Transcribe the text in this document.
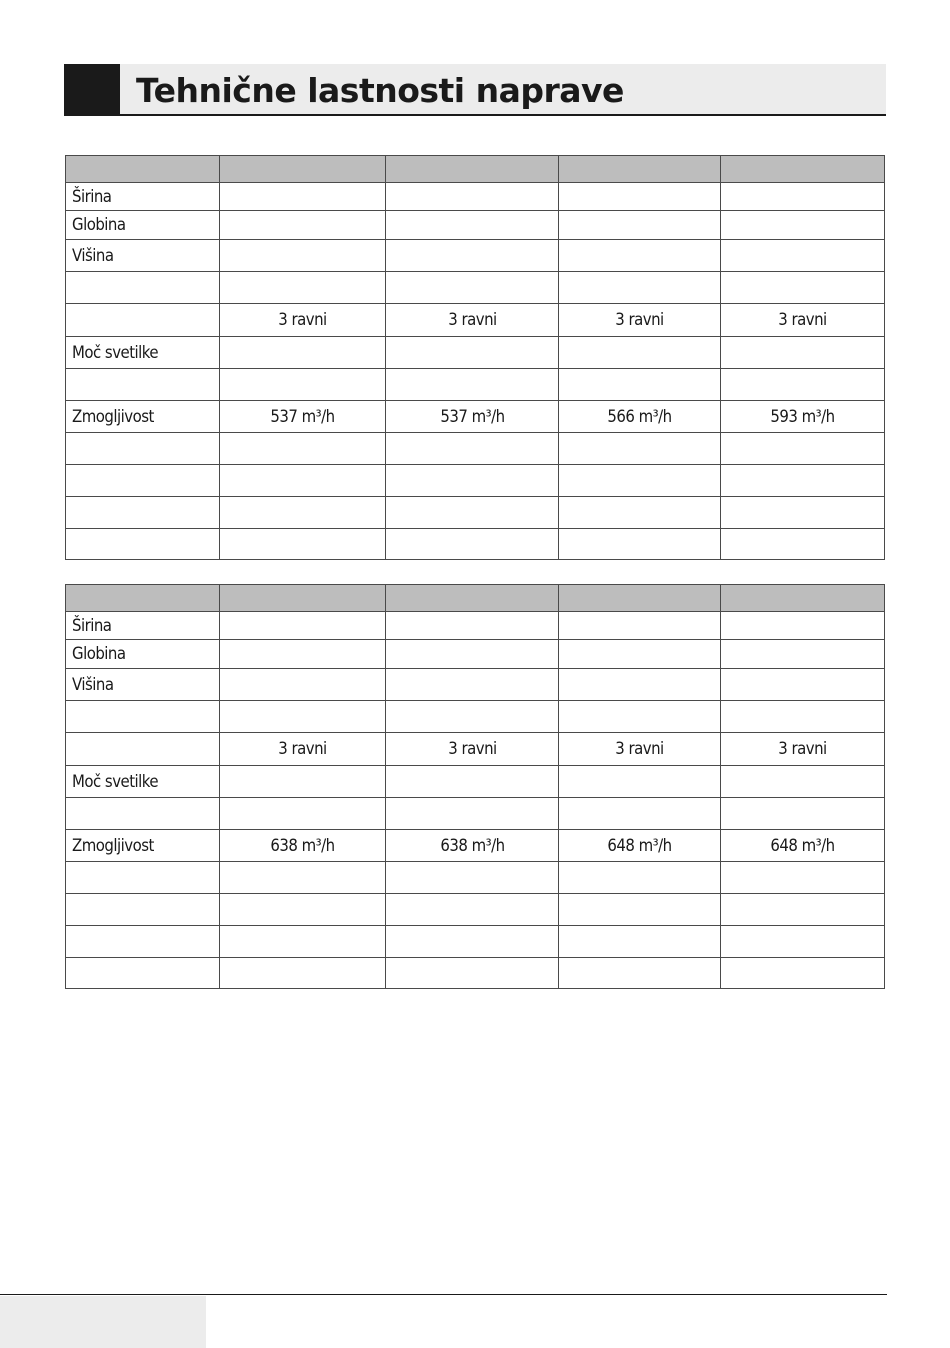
Tehnične lastnosti naprave

Širina				
Globina				
Višina				

	3 ravni	3 ravni	3 ravni	3 ravni
Moč svetilke				

Zmogljivost	537 m³/h	537 m³/h	566 m³/h	593 m³/h

Širina				
Globina				
Višina				

	3 ravni	3 ravni	3 ravni	3 ravni
Moč svetilke				

Zmogljivost	638 m³/h	638 m³/h	648 m³/h	648 m³/h
